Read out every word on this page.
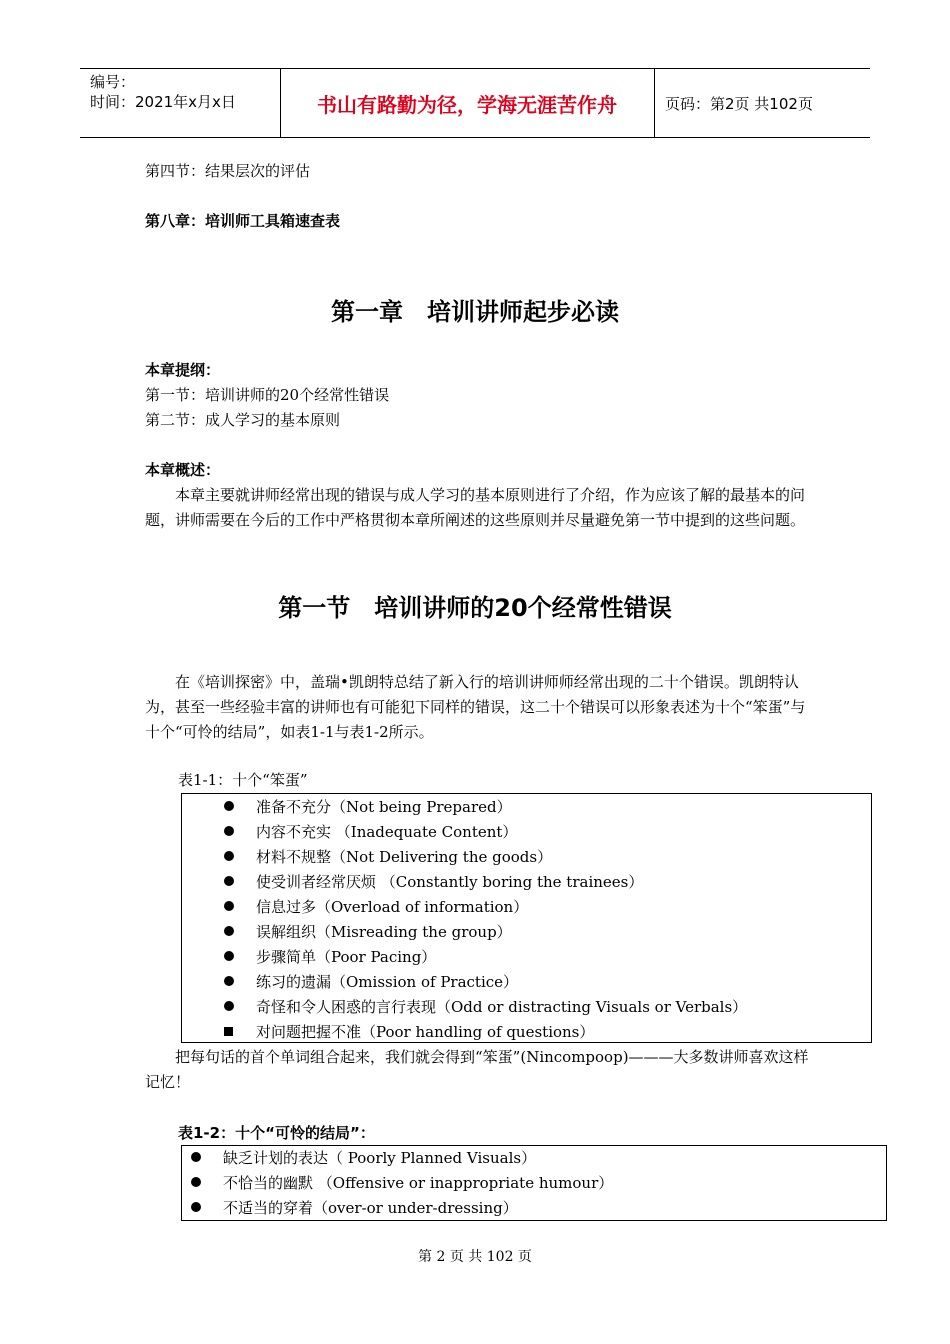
编号：
时间：2021年x月x日	书山有路勤为径，学海无涯苦作舟	页码：第2页 共102页
第四节：结果层次的评估
第八章：培训师工具箱速查表
第一章　培训讲师起步必读
本章提纲：
第一节：培训讲师的20个经常性错误
第二节：成人学习的基本原则
本章概述：
本章主要就讲师经常出现的错误与成人学习的基本原则进行了介绍，作为应该了解的最基本的问题，讲师需要在今后的工作中严格贯彻本章所阐述的这些原则并尽量避免第一节中提到的这些问题。
第一节　培训讲师的20个经常性错误
在《培训探密》中，盖瑞•凯朗特总结了新入行的培训讲师师经常出现的二十个错误。凯朗特认为，甚至一些经验丰富的讲师也有可能犯下同样的错误，这二十个错误可以形象表述为十个“笨蛋”与十个“可怜的结局”，如表1-1与表1-2所示。
表1-1：十个“笨蛋”
准备不充分（Not being Prepared）
内容不充实 （Inadequate Content）
材料不规整（Not Delivering the goods）
使受训者经常厌烦 （Constantly boring the trainees）
信息过多（Overload of information）
误解组织（Misreading the group）
步骤简单（Poor Pacing）
练习的遗漏（Omission of Practice）
奇怪和令人困惑的言行表现（Odd or distracting Visuals or Verbals）
对问题把握不准（Poor handling of questions）
把每句话的首个单词组合起来，我们就会得到“笨蛋”(Nincompoop)———大多数讲师喜欢这样记忆！
表1-2：十个“可怜的结局”：
缺乏计划的表达（ Poorly Planned Visuals）
不恰当的幽默 （Offensive or inappropriate humour）
不适当的穿着（over-or under-dressing）
第 2 页 共 102 页
